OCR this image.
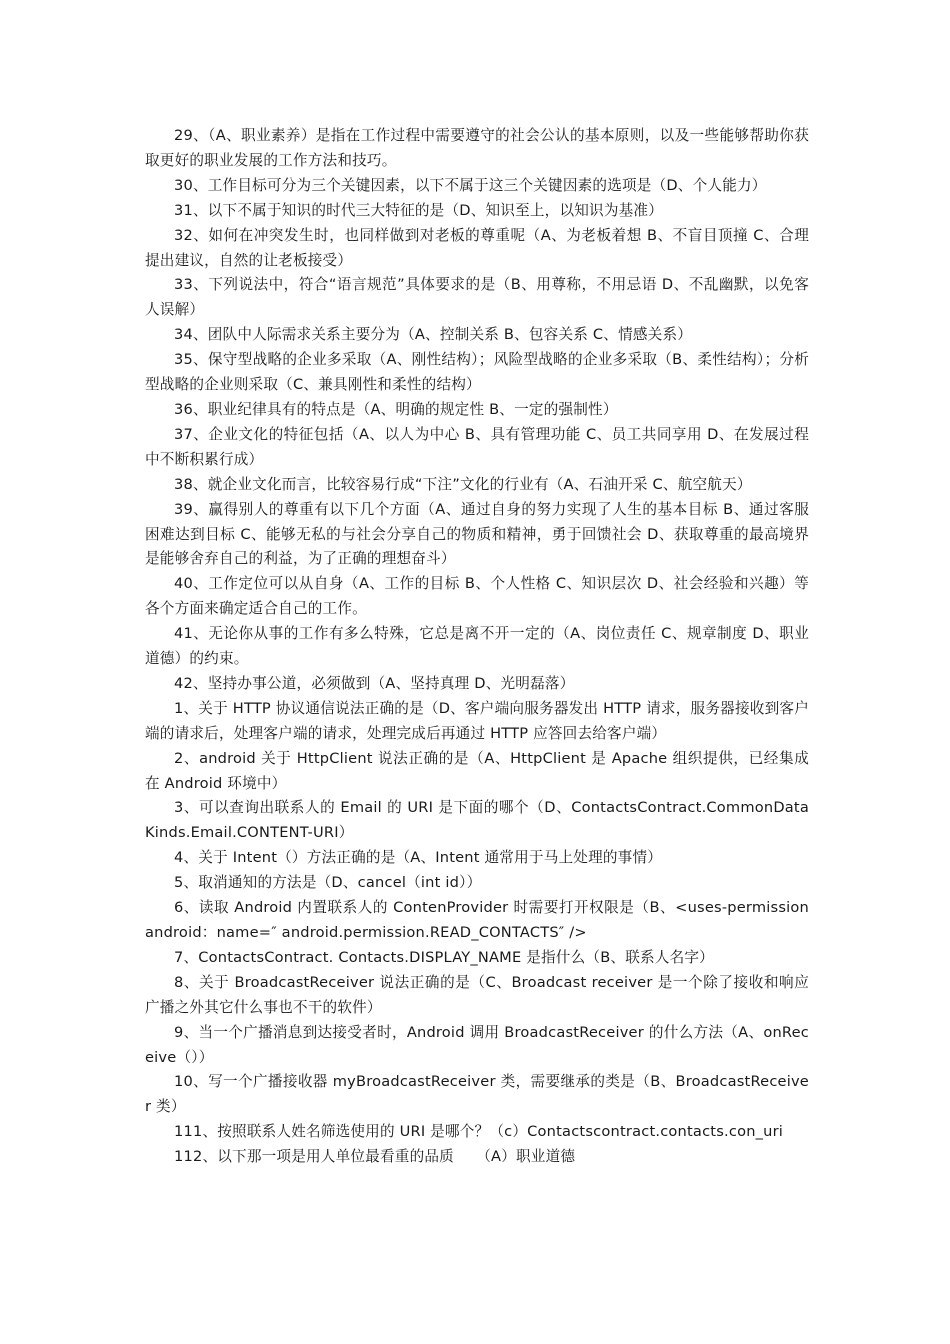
29、（A、职业素养）是指在工作过程中需要遵守的社会公认的基本原则，以及一些能够帮助你获取更好的职业发展的工作方法和技巧。

30、工作目标可分为三个关键因素，以下不属于这三个关键因素的选项是（D、个人能力）

31、以下不属于知识的时代三大特征的是（D、知识至上，以知识为基准）

32、如何在冲突发生时，也同样做到对老板的尊重呢（A、为老板着想 B、不盲目顶撞 C、合理提出建议，自然的让老板接受）

33、下列说法中，符合“语言规范”具体要求的是（B、用尊称，不用忌语 D、不乱幽默，以免客人误解）

34、团队中人际需求关系主要分为（A、控制关系 B、包容关系 C、情感关系）

35、保守型战略的企业多采取（A、刚性结构）；风险型战略的企业多采取（B、柔性结构）；分析型战略的企业则采取（C、兼具刚性和柔性的结构）

36、职业纪律具有的特点是（A、明确的规定性 B、一定的强制性）

37、企业文化的特征包括（A、以人为中心 B、具有管理功能 C、员工共同享用 D、在发展过程中不断积累行成）

38、就企业文化而言，比较容易行成“下注”文化的行业有（A、石油开采 C、航空航天）

39、赢得别人的尊重有以下几个方面（A、通过自身的努力实现了人生的基本目标 B、通过客服困难达到目标 C、能够无私的与社会分享自己的物质和精神，勇于回馈社会 D、获取尊重的最高境界是能够舍弃自己的利益，为了正确的理想奋斗）

40、工作定位可以从自身（A、工作的目标 B、个人性格 C、知识层次 D、社会经验和兴趣）等各个方面来确定适合自己的工作。

41、无论你从事的工作有多么特殊，它总是离不开一定的（A、岗位责任 C、规章制度 D、职业道德）的约束。

42、坚持办事公道，必须做到（A、坚持真理 D、光明磊落）

1、关于 HTTP 协议通信说法正确的是（D、客户端向服务器发出 HTTP 请求，服务器接收到客户端的请求后，处理客户端的请求，处理完成后再通过 HTTP 应答回去给客户端）

2、android 关于 HttpClient 说法正确的是（A、HttpClient 是 Apache 组织提供，已经集成在 Android 环境中）

3、可以查询出联系人的 Email 的 URI 是下面的哪个（D、ContactsContract.CommonDataKinds.Email.CONTENT-URI）

4、关于 Intent（）方法正确的是（A、Intent 通常用于马上处理的事情）

5、取消通知的方法是（D、cancel（int id））

6、读取 Android 内置联系人的 ContenProvider 时需要打开权限是（B、<uses-permission android：name=″ android.permission.READ_CONTACTS″ />

7、ContactsContract. Contacts.DISPLAY_NAME 是指什么（B、联系人名字）

8、关于 BroadcastReceiver 说法正确的是（C、Broadcast receiver 是一个除了接收和响应广播之外其它什么事也不干的软件）

9、当一个广播消息到达接受者时，Android 调用 BroadcastReceiver 的什么方法（A、onReceive（））

10、写一个广播接收器 myBroadcastReceiver 类，需要继承的类是（B、BroadcastReceiver 类）

111、按照联系人姓名筛选使用的 URI 是哪个？（c）Contactscontract.contacts.con_uri

112、以下那一项是用人单位最看重的品质　　（A）职业道德
